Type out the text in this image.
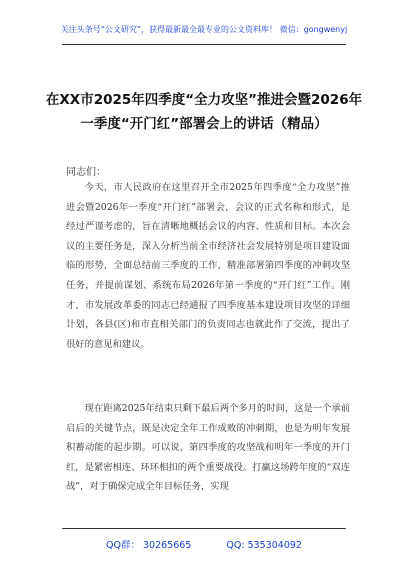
关注头条号“公文研究”，获得最新最全最专业的公文资料库！ 微信：gongwenyj
在XX市2025年四季度“全力攻坚”推进会暨2026年一季度“开门红”部署会上的讲话（精品）
同志们：

今天，市人民政府在这里召开全市2025年四季度“全力攻坚”推进会暨2026年一季度“开门红”部署会，会议的正式名称和形式，是经过严谨考虑的，旨在清晰地概括会议的内容、性质和目标。本次会议的主要任务是，深入分析当前全市经济社会发展特别是项目建设面临的形势，全面总结前三季度的工作，精准部署第四季度的冲刺攻坚任务，并提前谋划、系统布局2026年第一季度的“开门红”工作。刚才，市发展改革委的同志已经通报了四季度基本建设项目攻坚的详细计划，各县(区)和市直相关部门的负责同志也就此作了交流，提出了很好的意见和建议。

现在距离2025年结束只剩下最后两个多月的时间，这是一个承前启后的关键节点，既是决定全年工作成败的冲刺期，也是为明年发展积蓄动能的起步期。可以说，第四季度的攻坚战和明年一季度的开门红，是紧密相连、环环相扣的两个重要战役。打赢这场跨年度的“双连战”，对于确保完成全年目标任务，实现

QQ群： 30265665	QQ: 535304092
